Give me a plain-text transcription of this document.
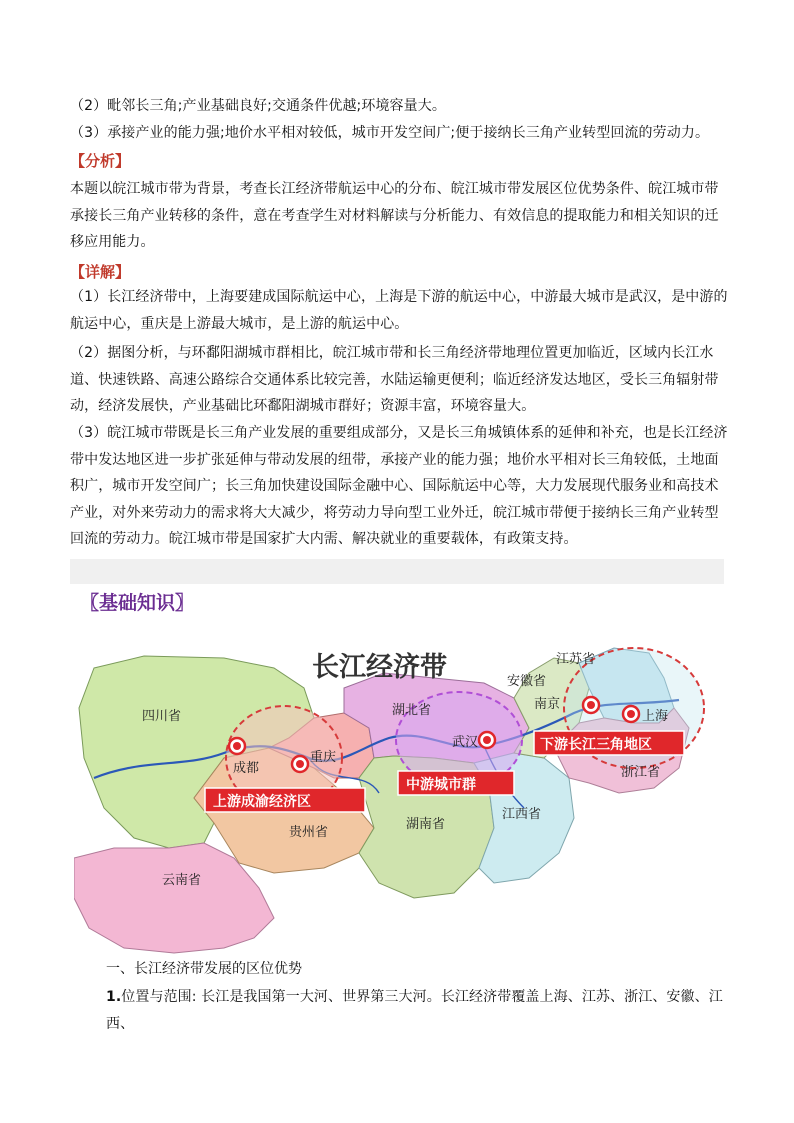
（2）毗邻长三角;产业基础良好;交通条件优越;环境容量大。

（3）承接产业的能力强;地价水平相对较低，城市开发空间广;便于接纳长三角产业转型回流的劳动力。

【分析】

本题以皖江城市带为背景，考查长江经济带航运中心的分布、皖江城市带发展区位优势条件、皖江城市带承接长三角产业转移的条件，意在考查学生对材料解读与分析能力、有效信息的提取能力和相关知识的迁移应用能力。

【详解】

（1）长江经济带中，上海要建成国际航运中心，上海是下游的航运中心，中游最大城市是武汉，是中游的航运中心，重庆是上游最大城市，是上游的航运中心。

（2）据图分析，与环鄱阳湖城市群相比，皖江城市带和长三角经济带地理位置更加临近，区域内长江水道、快速铁路、高速公路综合交通体系比较完善，水陆运输更便利；临近经济发达地区，受长三角辐射带动，经济发展快，产业基础比环鄱阳湖城市群好；资源丰富，环境容量大。

（3）皖江城市带既是长三角产业发展的重要组成部分，又是长三角城镇体系的延伸和补充，也是长江经济带中发达地区进一步扩张延伸与带动发展的纽带，承接产业的能力强；地价水平相对长三角较低，土地面积广，城市开发空间广；长三角加快建设国际金融中心、国际航运中心等，大力发展现代服务业和高技术产业，对外来劳动力的需求将大大减少，将劳动力导向型工业外迁，皖江城市带便于接纳长三角产业转型回流的劳动力。皖江城市带是国家扩大内需、解决就业的重要载体，有政策支持。

〖基础知识〗
长江经济带
四川省
云南省
贵州省
湖北省
湖南省
江西省
安徽省
江苏省
浙江省
成都
重庆
武汉
南京
上海
上游成渝经济区
中游城市群
下游长江三角地区
一、长江经济带发展的区位优势

1.位置与范围: 长江是我国第一大河、世界第三大河。长江经济带覆盖上海、江苏、浙江、安徽、江西、
